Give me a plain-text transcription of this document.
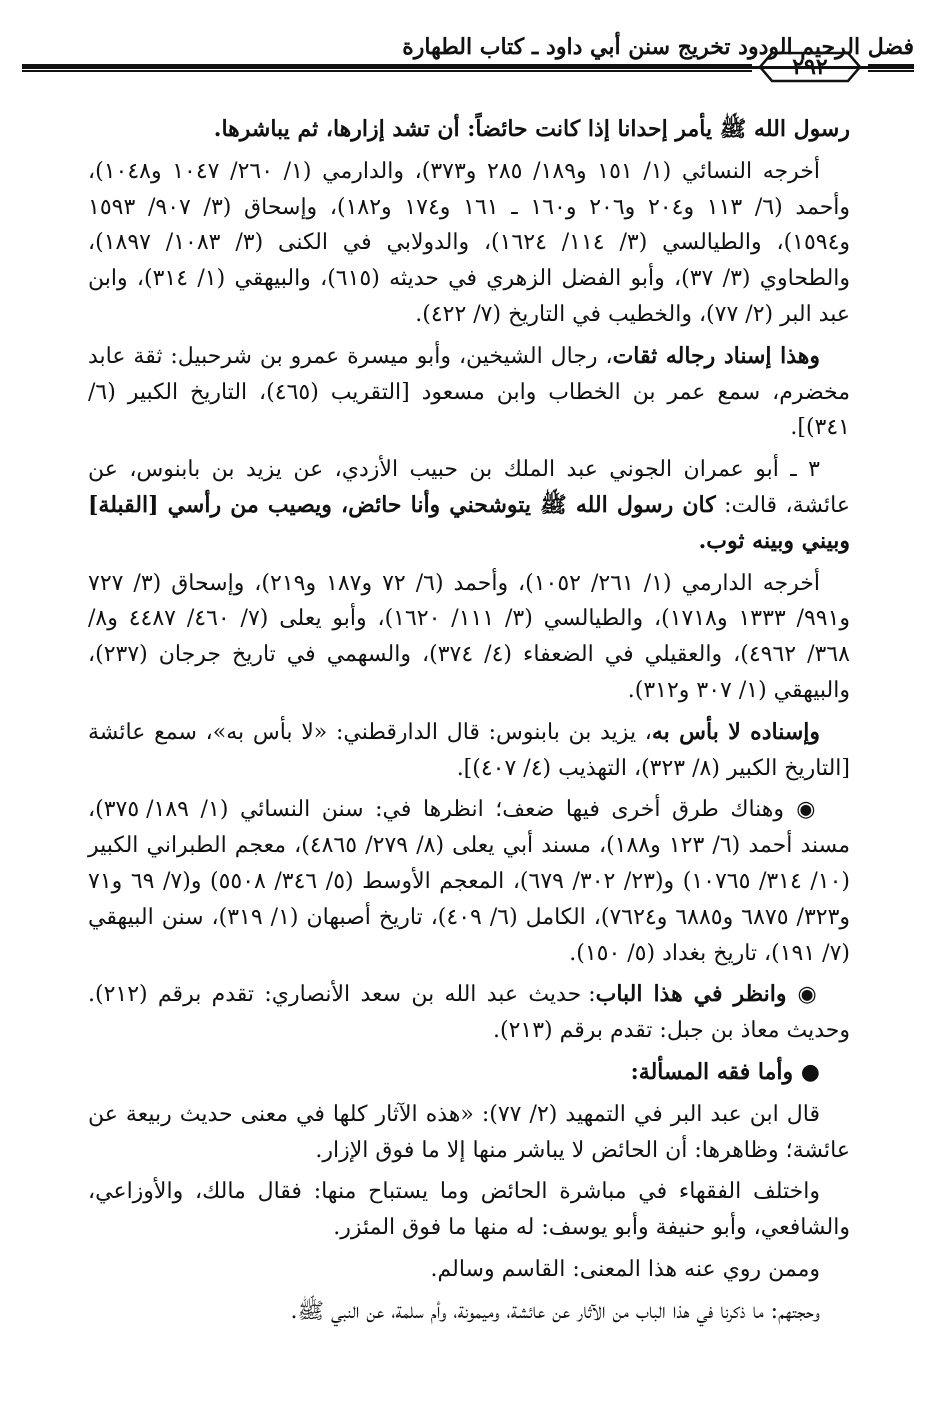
فضل الرحيم الودود تخريج سنن أبي داود ـ كتاب الطهارة
٢٩٢

رسول الله ﷺ يأمر إحدانا إذا كانت حائضاً: أن تشد إزارها، ثم يباشرها.

أخرجه النسائي (١/ ١٥١ و١٨٩/ ٢٨٥ و٣٧٣)، والدارمي (١/ ٢٦٠/ ١٠٤٧ و١٠٤٨)، وأحمد (٦/ ١١٣ و٢٠٤ و٢٠٦ و١٦٠ ـ ١٦١ و١٧٤ و١٨٢)، وإسحاق (٣/ ٩٠٧/ ١٥٩٣ و١٥٩٤)، والطيالسي (٣/ ١١٤/ ١٦٢٤)، والدولابي في الكنى (٣/ ١٠٨٣/ ١٨٩٧)، والطحاوي (٣/ ٣٧)، وأبو الفضل الزهري في حديثه (٦١٥)، والبيهقي (١/ ٣١٤)، وابن عبد البر (٢/ ٧٧)، والخطيب في التاريخ (٧/ ٤٢٢).

وهذا إسناد رجاله ثقات، رجال الشيخين، وأبو ميسرة عمرو بن شرحبيل: ثقة عابد مخضرم، سمع عمر بن الخطاب وابن مسعود [التقريب (٤٦٥)، التاريخ الكبير (٦/ ٣٤١)].

٣ ـ أبو عمران الجوني عبد الملك بن حبيب الأزدي، عن يزيد بن بابنوس، عن عائشة، قالت: كان رسول الله ﷺ يتوشحني وأنا حائض، ويصيب من رأسي [القبلة] وبيني وبينه ثوب.

أخرجه الدارمي (١/ ٢٦١/ ١٠٥٢)، وأحمد (٦/ ٧٢ و١٨٧ و٢١٩)، وإسحاق (٣/ ٧٢٧ و٩٩١/ ١٣٣٣ و١٧١٨)، والطيالسي (٣/ ١١١/ ١٦٢٠)، وأبو يعلى (٧/ ٤٦٠/ ٤٤٨٧ و٨/ ٣٦٨/ ٤٩٦٢)، والعقيلي في الضعفاء (٤/ ٣٧٤)، والسهمي في تاريخ جرجان (٢٣٧)، والبيهقي (١/ ٣٠٧ و٣١٢).

وإسناده لا بأس به، يزيد بن بابنوس: قال الدارقطني: «لا بأس به»، سمع عائشة [التاريخ الكبير (٨/ ٣٢٣)، التهذيب (٤/ ٤٠٧)].

◉ وهناك طرق أخرى فيها ضعف؛ انظرها في: سنن النسائي (١/ ١٨٩/ ٣٧٥)، مسند أحمد (٦/ ١٢٣ و١٨٨)، مسند أبي يعلى (٨/ ٢٧٩/ ٤٨٦٥)، معجم الطبراني الكبير (١٠/ ٣١٤/ ١٠٧٦٥) و(٢٣/ ٣٠٢/ ٦٧٩)، المعجم الأوسط (٥/ ٣٤٦/ ٥٥٠٨) و(٧/ ٦٩ و٧١ و٣٢٣/ ٦٨٧٥ و٦٨٨٥ و٧٦٢٤)، الكامل (٦/ ٤٠٩)، تاريخ أصبهان (١/ ٣١٩)، سنن البيهقي (٧/ ١٩١)، تاريخ بغداد (٥/ ١٥٠).

◉ وانظر في هذا الباب: حديث عبد الله بن سعد الأنصاري: تقدم برقم (٢١٢). وحديث معاذ بن جبل: تقدم برقم (٢١٣).

● وأما فقه المسألة:

قال ابن عبد البر في التمهيد (٢/ ٧٧): «هذه الآثار كلها في معنى حديث ربيعة عن عائشة؛ وظاهرها: أن الحائض لا يباشر منها إلا ما فوق الإزار.

واختلف الفقهاء في مباشرة الحائض وما يستباح منها: فقال مالك، والأوزاعي، والشافعي، وأبو حنيفة وأبو يوسف: له منها ما فوق المئزر.

وممن روي عنه هذا المعنى: القاسم وسالم.

وحجتهم: ما ذكرنا في هذا الباب من الآثار عن عائشة، وميمونة، وأم سلمة، عن النبي ﷺ.
